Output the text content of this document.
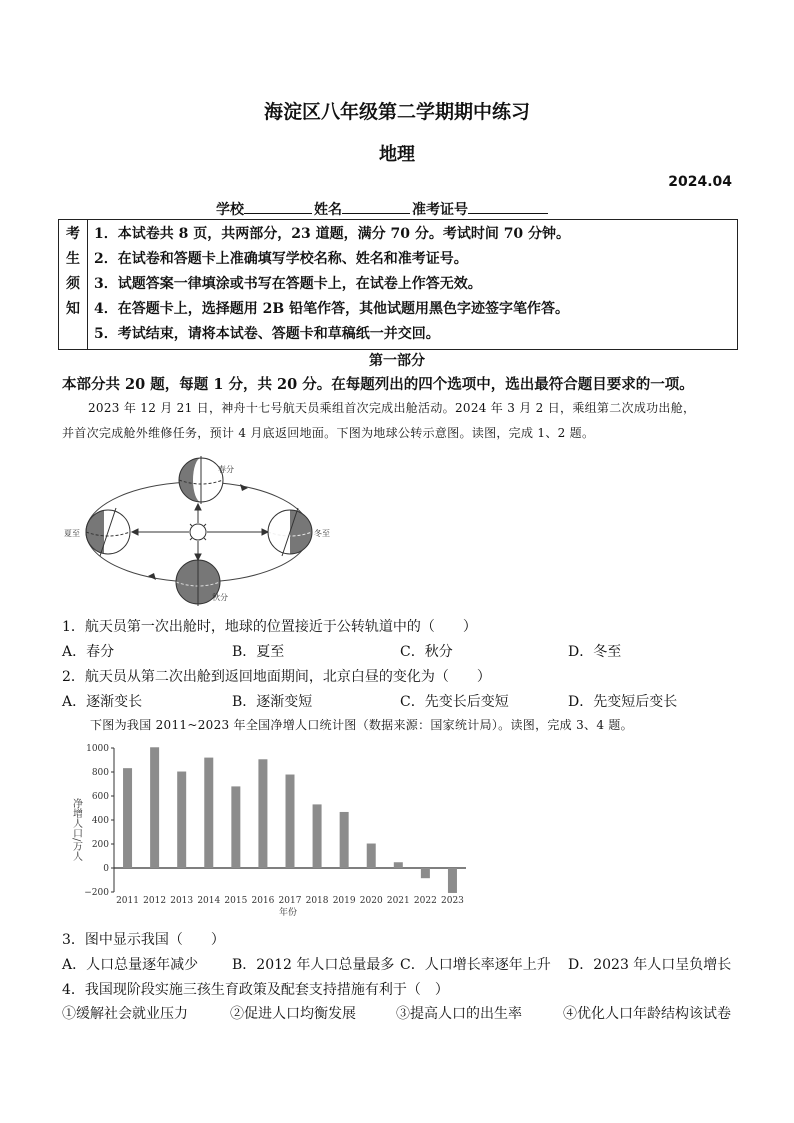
海淀区八年级第二学期期中练习
地理
2024.04
学校	姓名	准考证号
考
生
须
知

1．本试卷共 8 页，共两部分，23 道题，满分 70 分。考试时间 70 分钟。
2．在试卷和答题卡上准确填写学校名称、姓名和准考证号。
3．试题答案一律填涂或书写在答题卡上，在试卷上作答无效。
4．在答题卡上，选择题用 2B 铅笔作答，其他试题用黑色字迹签字笔作答。
5．考试结束，请将本试卷、答题卡和草稿纸一并交回。
第一部分
本部分共 20 题，每题 1 分，共 20 分。在每题列出的四个选项中，选出最符合题目要求的一项。
2023 年 12 月 21 日，神舟十七号航天员乘组首次完成出舱活动。2024 年 3 月 2 日，乘组第二次成功出舱，
并首次完成舱外维修任务，预计 4 月底返回地面。下图为地球公转示意图。读图，完成 1、2 题。
春分
夏至	冬至
秋分
1．航天员第一次出舱时，地球的位置接近于公转轨道中的（　　）
A．春分	B．夏至	C．秋分	D．冬至
2．航天员从第二次出舱到返回地面期间，北京白昼的变化为（　　）
A．逐渐变长	B．逐渐变短	C．先变长后变短	D．先变短后变长
下图为我国 2011~2023 年全国净增人口统计图（数据来源：国家统计局）。读图，完成 3、4 题。
净增人口/万人
1000
800
600
400
200
0
−200
2011 2012 2013 2014 2015 2016 2017 2018 2019 2020 2021 2022 2023
年份
3．图中显示我国（　　）
A．人口总量逐年减少 B．2012 年人口总量最多 C．人口增长率逐年上升 D．2023 年人口呈负增长
4．我国现阶段实施三孩生育政策及配套支持措施有利于（　）
①缓解社会就业压力	②促进人口均衡发展	③提高人口的出生率	④优化人口年龄结构该试卷
